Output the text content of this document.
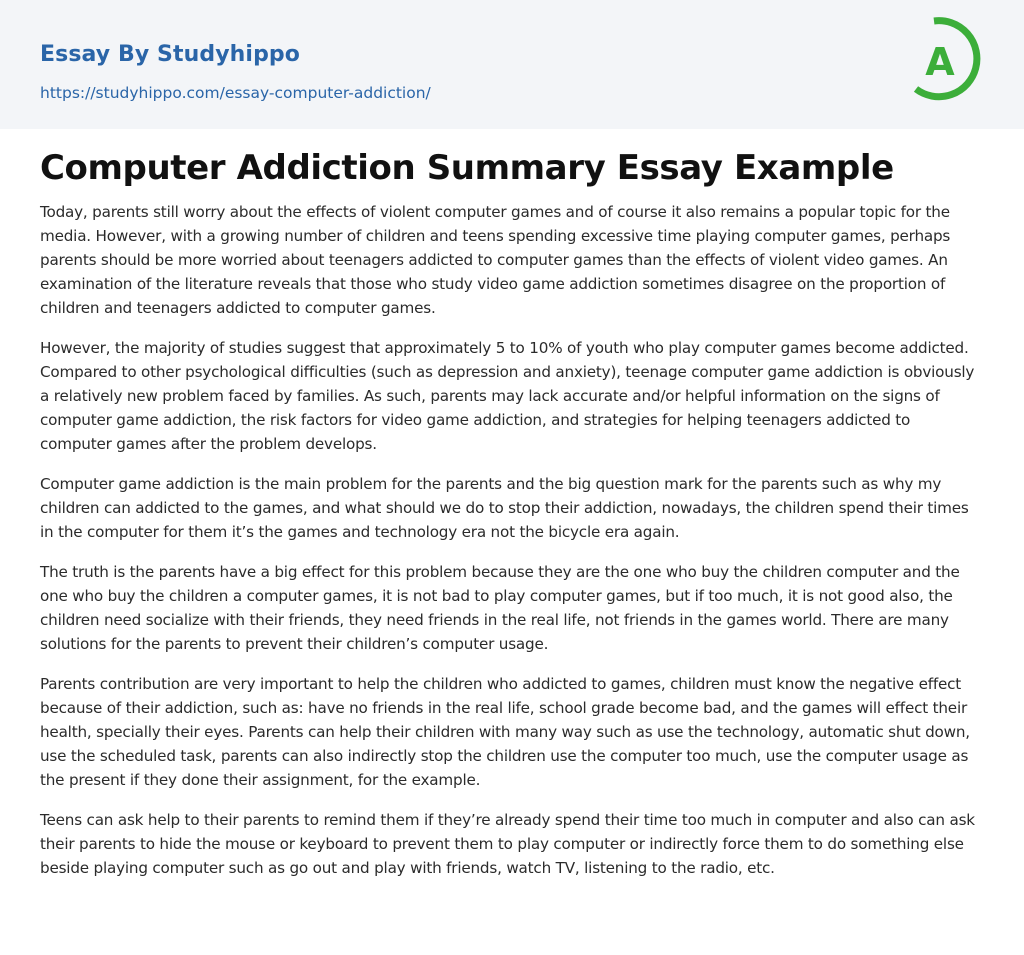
Essay By Studyhippo
https://studyhippo.com/essay-computer-addiction/
A
Computer Addiction Summary Essay Example

Today, parents still worry about the effects of violent computer games and of course it also remains a popular topic for the media. However, with a growing number of children and teens spending excessive time playing computer games, perhaps parents should be more worried about teenagers addicted to computer games than the effects of violent video games. An examination of the literature reveals that those who study video game addiction sometimes disagree on the proportion of children and teenagers addicted to computer games.

However, the majority of studies suggest that approximately 5 to 10% of youth who play computer games become addicted. Compared to other psychological difficulties (such as depression and anxiety), teenage computer game addiction is obviously a relatively new problem faced by families. As such, parents may lack accurate and/or helpful information on the signs of computer game addiction, the risk factors for video game addiction, and strategies for helping teenagers addicted to computer games after the problem develops.

Computer game addiction is the main problem for the parents and the big question mark for the parents such as why my children can addicted to the games, and what should we do to stop their addiction, nowadays, the children spend their times in the computer for them it’s the games and technology era not the bicycle era again.

The truth is the parents have a big effect for this problem because they are the one who buy the children computer and the one who buy the children a computer games, it is not bad to play computer games, but if too much, it is not good also, the children need socialize with their friends, they need friends in the real life, not friends in the games world. There are many solutions for the parents to prevent their children’s computer usage.

Parents contribution are very important to help the children who addicted to games, children must know the negative effect because of their addiction, such as: have no friends in the real life, school grade become bad, and the games will effect their health, specially their eyes. Parents can help their children with many way such as use the technology, automatic shut down, use the scheduled task, parents can also indirectly stop the children use the computer too much, use the computer usage as the present if they done their assignment, for the example.

Teens can ask help to their parents to remind them if they’re already spend their time too much in computer and also can ask their parents to hide the mouse or keyboard to prevent them to play computer or indirectly force them to do something else beside playing computer such as go out and play with friends, watch TV, listening to the radio, etc.
